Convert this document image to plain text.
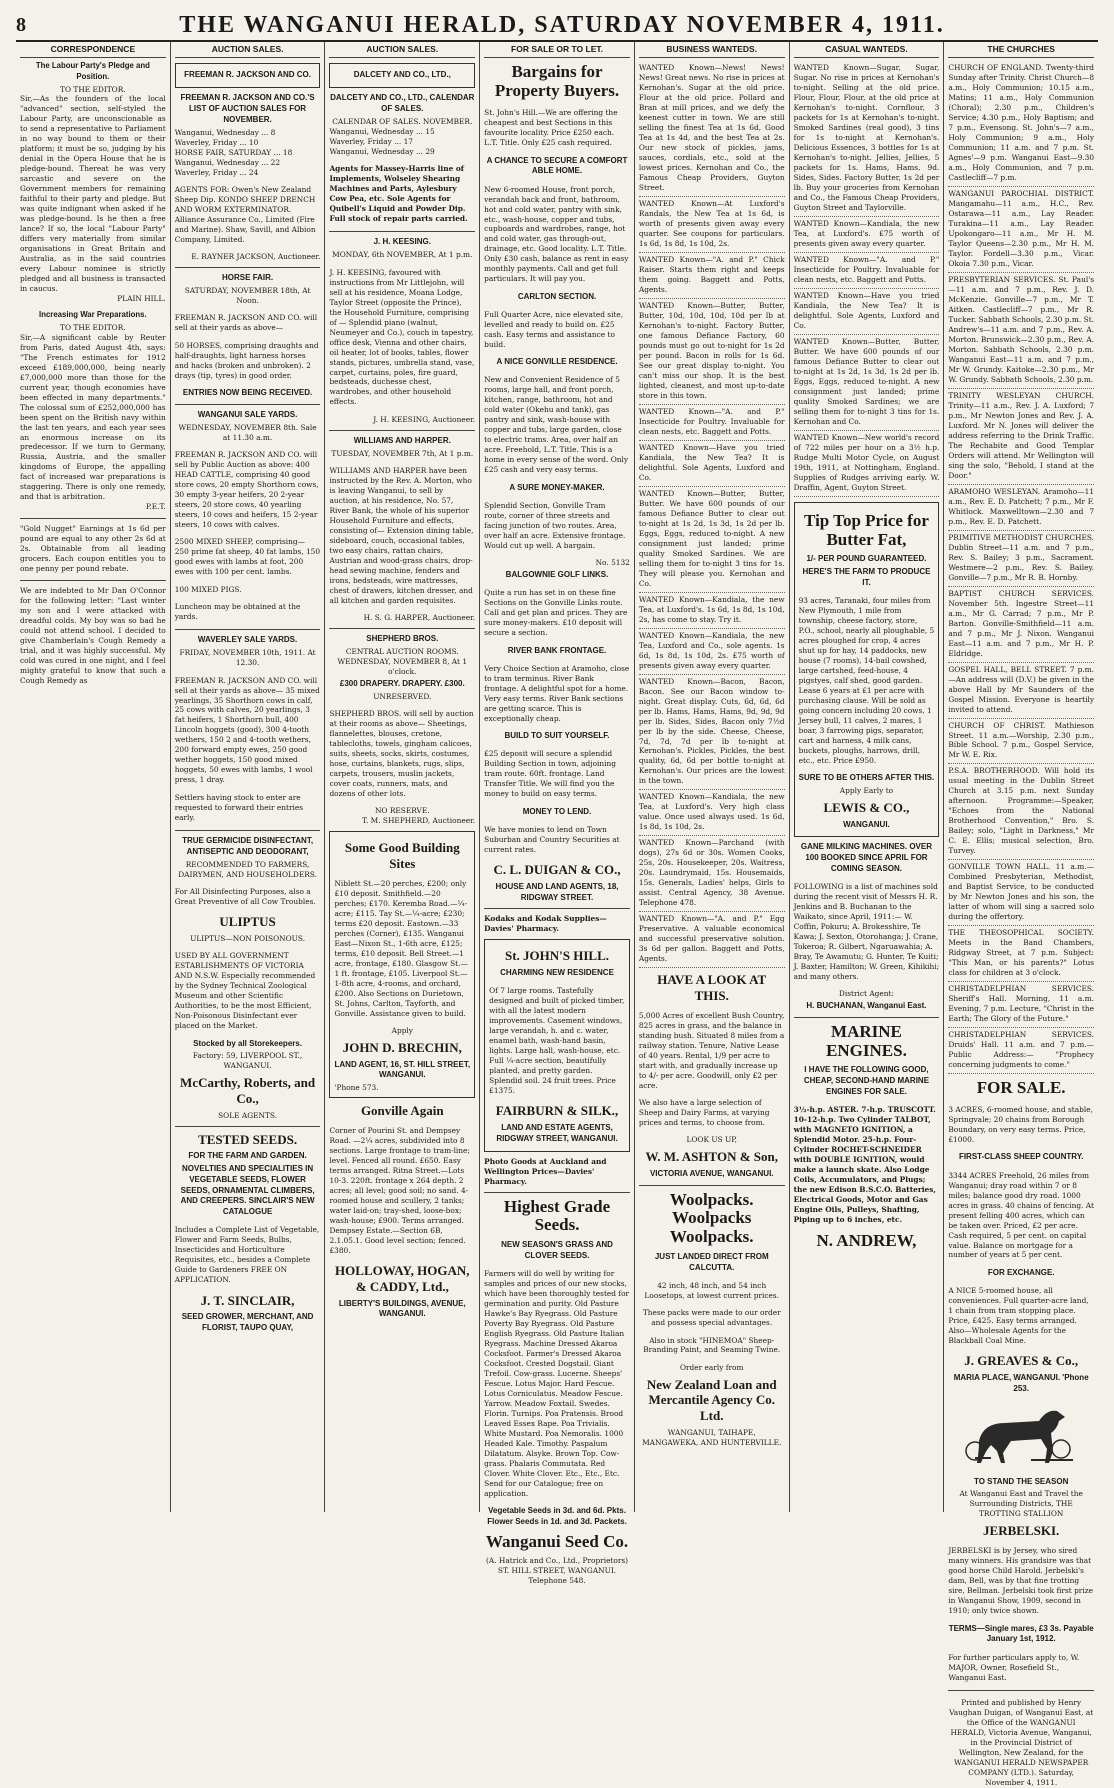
8	THE WANGANUI HERALD, SATURDAY NOVEMBER 4, 1911.
CORRESPONDENCE
The Labour Party's Pledge and Position.
TO THE EDITOR.

Sir,—As the founders of the local "advanced" section, self-styled the Labour Party, are unconscionable as to send a representative to Parliament in no way bound to them or their platform; it must be so, judging by his denial in the Opera House that he is pledge-bound. Thereat he was very sarcastic and severe on the Government members for remaining faithful to their party and pledge. But was quite indignant when asked if he was pledge-bound. Is he then a free lance? If so, the local "Labour Party" differs very materially from similar organisations in Great Britain and Australia, as in the said countries every Labour nominee is strictly pledged and all business is transacted in caucus.

PLAIN HILL.
Increasing War Preparations.
TO THE EDITOR.

Sir,—A significant cable by Reuter from Paris, dated August 4th, says: "The French estimates for 1912 exceed £189,000,000, being nearly £7,000,000 more than those for the current year, though economies have been effected in many departments." The colossal sum of £252,000,000 has been spent on the British navy within the last ten years, and each year sees an enormous increase on its predecessor. If we turn to Germany, Russia, Austria, and the smaller kingdoms of Europe, the appalling fact of increased war preparations is staggering. There is only one remedy, and that is arbitration.

P.E.T.

"Gold Nugget" Earnings at 1s 6d per pound are equal to any other 2s 6d at 2s. Obtainable from all leading grocers. Each coupon entitles you to one penny per pound rebate.

We are indebted to Mr Dan O'Connor for the following letter: "Last winter my son and I were attacked with dreadful colds. My boy was so bad he could not attend school. I decided to give Chamberlain's Cough Remedy a trial, and it was highly successful. My cold was cured in one night, and I feel mighty grateful to know that such a Cough Remedy as

AUCTION SALES.
FREEMAN R. JACKSON AND CO.
FREEMAN R. JACKSON AND CO.'S LIST OF AUCTION SALES FOR NOVEMBER.
Wanganui, Wednesday ... 8
Waverley, Friday ... 10
HORSE FAIR, SATURDAY ... 18
Wanganui, Wednesday ... 22
Waverley, Friday ... 24

AGENTS FOR: Owen's New Zealand Sheep Dip. KONDO SHEEP DRENCH AND WORM EXTERMINATOR. Alliance Assurance Co., Limited (Fire and Marine). Shaw, Savill, and Albion Company, Limited.

E. RAYNER JACKSON, Auctioneer.
HORSE FAIR.
SATURDAY, NOVEMBER 18th, At Noon.

FREEMAN R. JACKSON AND CO. will sell at their yards as above—

50 HORSES, comprising draughts and half-draughts, light harness horses and hacks (broken and unbroken). 2 drays (tip, tyres) in good order.

ENTRIES NOW BEING RECEIVED.
WANGANUI SALE YARDS.
WEDNESDAY, NOVEMBER 8th. Sale at 11.30 a.m.

FREEMAN R. JACKSON AND CO. will sell by Public Auction as above: 400 HEAD CATTLE, comprising 40 good store cows, 20 empty Shorthorn cows, 30 empty 3-year heifers, 20 2-year steers, 20 store cows, 40 yearling steers, 10 cows and heifers, 15 2-year steers, 10 cows with calves.

2500 MIXED SHEEP, comprising— 250 prime fat sheep, 40 fat lambs, 150 good ewes with lambs at foot, 200 ewes with 100 per cent. lambs.

100 MIXED PIGS.

Luncheon may be obtained at the yards.

WAVERLEY SALE YARDS.
FRIDAY, NOVEMBER 10th, 1911. At 12.30.

FREEMAN R. JACKSON AND CO. will sell at their yards as above— 35 mixed yearlings, 35 Shorthorn cows in calf, 25 cows with calves, 20 yearlings, 3 fat heifers, 1 Shorthorn bull, 400 Lincoln hoggets (good), 300 4-tooth wethers, 150 2 and 4-tooth wethers, 200 forward empty ewes, 250 good wether hoggets, 150 good mixed hoggets, 50 ewes with lambs, 1 wool press, 1 dray.

Settlers having stock to enter are requested to forward their entries early.

TRUE GERMICIDE DISINFECTANT, ANTISEPTIC AND DEODORANT,
RECOMMENDED TO FARMERS, DAIRYMEN, AND HOUSEHOLDERS.

For All Disinfecting Purposes, also a Great Preventive of all Cow Troubles.

ULIPTUS
ULIPTUS—NON POISONOUS.

USED BY ALL GOVERNMENT ESTABLISHMENTS OF VICTORIA AND N.S.W. Especially recommended by the Sydney Technical Zoological Museum and other Scientific Authorities, to be the most Efficient, Non-Poisonous Disinfectant ever placed on the Market.

Stocked by all Storekeepers.
Factory: 59, LIVERPOOL ST., WANGANUI.
McCarthy, Roberts, and Co.,
SOLE AGENTS.
TESTED SEEDS.
FOR THE FARM AND GARDEN.
NOVELTIES AND SPECIALITIES IN VEGETABLE SEEDS, FLOWER SEEDS, ORNAMENTAL CLIMBERS, AND CREEPERS. SINCLAIR'S NEW CATALOGUE

Includes a Complete List of Vegetable, Flower and Farm Seeds, Bulbs, Insecticides and Horticulture Requisites, etc., besides a Complete Guide to Gardeners FREE ON APPLICATION.

J. T. SINCLAIR,
SEED GROWER, MERCHANT, AND FLORIST, TAUPO QUAY,
AUCTION SALES.
DALCETY AND CO., LTD.,
DALCETY AND CO., LTD., CALENDAR OF SALES.
CALENDAR OF SALES. NOVEMBER.
Wanganui, Wednesday ... 15
Waverley, Friday ... 17
Wanganui, Wednesday ... 29

Agents for Massey-Harris line of Implements, Wolseley Shearing Machines and Parts, Aylesbury Cow Pea, etc. Sole Agents for Quibell's Liquid and Powder Dip. Full stock of repair parts carried.

J. H. KEESING.
MONDAY, 6th NOVEMBER, At 1 p.m.

J. H. KEESING, favoured with instructions from Mr Littlejohn, will sell at his residence, Moana Lodge, Taylor Street (opposite the Prince), the Household Furniture, comprising of — Splendid piano (walnut, Neumeyer and Co.), couch in tapestry, office desk, Vienna and other chairs, oil heater, lot of books, tables, flower stands, pictures, umbrella stand, vase, carpet, curtains, poles, fire guard, bedsteads, duchesse chest, wardrobes, and other household effects.

J. H. KEESING, Auctioneer.
WILLIAMS AND HARPER.
TUESDAY, NOVEMBER 7th, At 1 p.m.

WILLIAMS AND HARPER have been instructed by the Rev. A. Morton, who is leaving Wanganui, to sell by auction, at his residence, No. 57, River Bank, the whole of his superior Household Furniture and effects, consisting of— Extension dining table, sideboard, couch, occasional tables, two easy chairs, rattan chairs, Austrian and wood-grass chairs, drop-head sewing machine, fenders and irons, bedsteads, wire mattresses, chest of drawers, kitchen dresser, and all kitchen and garden requisites.

H. S. G. HARPER, Auctioneer.
SHEPHERD BROS.
CENTRAL AUCTION ROOMS.
WEDNESDAY, NOVEMBER 8, At 1 o'clock.
£300 DRAPERY. DRAPERY. £300.
UNRESERVED.

SHEPHERD BROS. will sell by auction at their rooms as above— Sheetings, flannelettes, blouses, cretone, tablecloths, towels, gingham calicoes, suits, sheets, socks, skirts, costumes, hose, curtains, blankets, rugs, slips, carpets, trousers, muslin jackets, cover coats, runners, mats, and dozens of other lots.

NO RESERVE.
T. M. SHEPHERD, Auctioneer.
Some Good Building Sites

Niblett St.—20 perches, £200; only £10 deposit. Smithfield.—20 perches; £170. Keremba Road.—¼-acre; £115. Tay St.—¼-acre; £230; terms £20 deposit. Eastown.—33 perches (Corner), £135. Wanganui East—Nixon St., 1-6th acre, £125; terms, £10 deposit. Bell Street.—1 acre, frontage, £180. Glasgow St.—1 ft. frontage, £105. Liverpool St.—1-8th acre, 4-rooms, and orchard, £200. Also Sections on Durietown, St. Johns, Carlton, Tayforth, and Gonville. Assistance given to build.

Apply
JOHN D. BRECHIN,
LAND AGENT, 16, ST. HILL STREET, WANGANUI.
'Phone 573.
Gonville Again

Corner of Pourini St. and Dempsey Road. —2¼ acres, subdivided into 8 sections. Large frontage to tram-line; level. Fenced all round. £650. Easy terms arranged. Ritna Street.—Lots 10-3. 220ft. frontage x 264 depth. 2 acres; all level; good soil; no sand. 4-roomed house and scullery, 2 tanks; water laid-on; tray-shed, loose-box; wash-house; £900. Terms arranged. Dempsey Estate.—Section 6B, 2.1.05.1. Good level section; fenced. £380.

HOLLOWAY, HOGAN, & CADDY, Ltd.,
LIBERTY'S BUILDINGS, AVENUE, WANGANUI.
FOR SALE OR TO LET.
Bargains for Property Buyers.

St. John's Hill.—We are offering the cheapest and best Sections in this favourite locality. Price £250 each. L.T. Title. Only £25 cash required.

A CHANCE TO SECURE A COMFORT ABLE HOME.

New 6-roomed House, front porch, verandah back and front, bathroom, hot and cold water, pantry with sink, etc., wash-house, copper and tubs, cupboards and wardrobes, range, hot and cold water, gas through-out, drainage, etc. Good locality. L.T. Title. Only £30 cash, balance as rent in easy monthly payments. Call and get full particulars. It will pay you.

CARLTON SECTION.

Full Quarter Acre, nice elevated site, levelled and ready to build on. £25 cash. Easy terms and assistance to build.

A NICE GONVILLE RESIDENCE.

New and Convenient Residence of 5 rooms, large hall, and front porch, kitchen, range, bathroom, hot and cold water (Okehu and tank), gas pantry and sink, wash-house with copper and tubs, large garden, close to electric trams. Area, over half an acre. Freehold, L.T. Title. This is a home in every sense of the word. Only £25 cash and very easy terms.

A SURE MONEY-MAKER.

Splendid Section, Gonville Tram route, corner of three streets and facing junction of two routes. Area, over half an acre. Extensive frontage. Would cut up well. A bargain.

No. 5132
BALGOWNIE GOLF LINKS.

Quite a run has set in on these fine Sections on the Gonville Links route. Call and get plan and prices. They are sure money-makers. £10 deposit will secure a section.

RIVER BANK FRONTAGE.

Very Choice Section at Aramoho, close to tram terminus. River Bank frontage. A delightful spot for a home. Very easy terms. River Bank sections are getting scarce. This is exceptionally cheap.

BUILD TO SUIT YOURSELF.

£25 deposit will secure a splendid Building Section in town, adjoining tram route. 60ft. frontage. Land Transfer Title. We will find you the money to build on easy terms.

MONEY TO LEND.

We have monies to lend on Town Suburban and Country Securities at current rates.

C. L. DUIGAN & CO.,
HOUSE AND LAND AGENTS, 18, RIDGWAY STREET.
Kodaks and Kodak Supplies—Davies' Pharmacy.
St. JOHN'S HILL.
CHARMING NEW RESIDENCE

Of 7 large rooms. Tastefully designed and built of picked timber, with all the latest modern improvements. Casement windows, large verandah, h. and c. water, enamel bath, wash-hand basin, lights. Large hall, wash-house, etc. Full ¼-acre section, beautifully planted, and pretty garden. Splendid soil. 24 fruit trees. Price £1375.

FAIRBURN & SILK.,
LAND AND ESTATE AGENTS, RIDGWAY STREET, WANGANUI.
Photo Goods at Auckland and Wellington Prices—Davies' Pharmacy.
Highest Grade Seeds.
NEW SEASON'S GRASS AND CLOVER SEEDS.

Farmers will do well by writing for samples and prices of our new stocks, which have been thoroughly tested for germination and purity. Old Pasture Hawke's Bay Ryegrass. Old Pasture Poverty Bay Ryegrass. Old Pasture English Ryegrass. Old Pasture Italian Ryegrass. Machine Dressed Akaroa Cocksfoot. Farmer's Dressed Akaroa Cocksfoot. Crested Dogstail. Giant Trefoil. Cow-grass. Lucerne. Sheeps' Fescue. Lotus Major. Hard Fescue. Lotus Corniculatus. Meadow Fescue. Yarrow. Meadow Foxtail. Swedes. Florin. Turnips. Poa Pratensis. Brood Leaved Essex Rape. Poa Trivialis. White Mustard. Poa Nemoralis. 1000 Headed Kale. Timothy. Paspalum Dilatatum. Alsyke. Brown Top. Cow-grass. Phalaris Commutata. Red Clover. White Clover. Etc., Etc., Etc. Send for our Catalogue; free on application.

Vegetable Seeds in 3d. and 6d. Pkts. Flower Seeds in 1d. and 3d. Packets.
Wanganui Seed Co.
(A. Hatrick and Co., Ltd., Proprietors) ST. HILL STREET, WANGANUI. Telephone 548.
BUSINESS WANTEDS.
WANTED Known—News! News! News! Great news. No rise in prices at Kernohan's. Sugar at the old price. Flour at the old price. Pollard and Bran at mill prices, and we defy the keenest cutter in town. We are still selling the finest Tea at 1s 6d, Good Tea at 1s 4d, and the best Tea at 2s. Our new stock of pickles, jams, sauces, cordials, etc., sold at the lowest prices. Kernohan and Co., the Famous Cheap Providers, Guyton Street.
WANTED Known—At Luxford's Randals, the New Tea at 1s 6d, is worth of presents given away every quarter. See coupons for particulars. 1s 6d, 1s 8d, 1s 10d, 2s.
WANTED Known—"A. and P." Chick Raiser. Starts them right and keeps them going. Baggett and Potts, Agents.
WANTED Known—Butter, Butter, Butter, 10d, 10d, 10d, 10d per lb at Kernohan's to-night. Factory Butter, one famous Defiance Factory, 60 pounds must go out to-night for 1s 2d per pound. Bacon in rolls for 1s 6d. See our great display to-night. You can't miss our shop. It is the best lighted, cleanest, and most up-to-date store in this town.
WANTED Known—"A. and P." Insecticide for Poultry. Invaluable for clean nests, etc. Baggett and Potts.
WANTED Known—Have you tried Kandiala, the New Tea? It is delightful. Sole Agents, Luxford and Co.
WANTED Known—Butter, Butter, Butter. We have 600 pounds of our famous Defiance Butter to clear out to-night at 1s 2d, 1s 3d, 1s 2d per lb. Eggs, Eggs, reduced to-night. A new consignment just landed; prime quality Smoked Sardines. We are selling them for to-night 3 tins for 1s. They will please you. Kernohan and Co.
WANTED Known—Kandiala, the new Tea, at Luxford's. 1s 6d, 1s 8d, 1s 10d, 2s, has come to stay. Try it.
WANTED Known—Kandiala, the new Tea, Luxford and Co., sole agents. 1s 6d, 1s 8d, 1s 10d, 2s. £75 worth of presents given away every quarter.
WANTED Known—Bacon, Bacon, Bacon. See our Bacon window to-night. Great display. Cuts, 6d, 6d, 6d per lb. Hams, Hams, Hams, 9d, 9d, 9d per lb. Sides, Sides, Bacon only 7½d per lb by the side. Cheese, Cheese, 7d, 7d, 7d per lb to-night at Kernohan's. Pickles, Pickles, the best quality, 6d, 6d per bottle to-night at Kernohan's. Our prices are the lowest in the town.
WANTED Known—Kandiala, the new Tea, at Luxford's. Very high class value. Once used always used. 1s 6d, 1s 8d, 1s 10d, 2s.
WANTED Known—Parchand (with dogs), 27s 6d or 30s. Women Cooks, 25s, 20s. Housekeeper, 20s. Waitress, 20s. Laundrymaid, 15s. Housemaids, 15s. Generals, Ladies' helps, Girls to assist. Central Agency, 38 Avenue. Telephone 478.
WANTED Known—"A. and P." Egg Preservative. A valuable economical and successful preservative solution. 3s 6d per gallon. Baggett and Potts, Agents.
HAVE A LOOK AT THIS.

5,000 Acres of excellent Bush Country, 825 acres in grass, and the balance in standing bush. Situated 8 miles from a railway station. Tenure, Native Lease of 40 years. Rental, 1/9 per acre to start with, and gradually increase up to 4/- per acre. Goodwill, only £2 per acre.

We also have a large selection of Sheep and Dairy Farms, at varying prices and terms, to choose from.

LOOK US UP,
W. M. ASHTON & Son,
VICTORIA AVENUE, WANGANUI.
Woolpacks. Woolpacks Woolpacks.
JUST LANDED DIRECT FROM CALCUTTA.

42 inch, 48 inch, and 54 inch Loosetops, at lowest current prices.

These packs were made to our order and possess special advantages.

Also in stock "HINEMOA" Sheep-Branding Paint, and Seaming Twine.

Order early from
New Zealand Loan and Mercantile Agency Co. Ltd.
WANGANUI, TAIHAPE, MANGAWEKA, AND HUNTERVILLE.
CASUAL WANTEDS.
WANTED Known—Sugar, Sugar, Sugar. No rise in prices at Kernohan's to-night. Selling at the old price. Flour, Flour, Flour, at the old price at Kernohan's to-night. Cornflour, 3 packets for 1s at Kernohan's to-night. Smoked Sardines (real good), 3 tins for 1s to-night at Kernohan's. Delicious Essences, 3 bottles for 1s at Kernohan's to-night. Jellies, Jellies, 5 packets for 1s. Hams, Hams, 9d. Sides, Sides. Factory Butter, 1s 2d per lb. Buy your groceries from Kernohan and Co., the Famous Cheap Providers, Guyton Street and Taylorville.
WANTED Known—Kandiala, the new Tea, at Luxford's. £75 worth of presents given away every quarter.
WANTED Known—"A. and P." Insecticide for Poultry. Invaluable for clean nests, etc. Baggett and Potts.
WANTED Known—Have you tried Kandiala, the New Tea? It is delightful. Sole Agents, Luxford and Co.
WANTED Known—Butter, Butter, Butter. We have 600 pounds of our famous Defiance Butter to clear out to-night at 1s 2d, 1s 3d, 1s 2d per lb. Eggs, Eggs, reduced to-night. A new consignment just landed; prime quality Smoked Sardines; we are selling them for to-night 3 tins for 1s. Kernohan and Co.
WANTED Known—New world's record of 722 miles per hour on a 3½ h.p. Rudge Multi Motor Cycle, on August 19th, 1911, at Nottingham, England. Supplies of Rudges arriving early. W. Draffin, Agent, Guyton Street.
Tip Top Price for Butter Fat,
1/- PER POUND GUARANTEED.
HERE'S THE FARM TO PRODUCE IT.

93 acres, Taranaki, four miles from New Plymouth, 1 mile from township, cheese factory, store, P.O., school, nearly all ploughable, 5 acres ploughed for crop, 4 acres shut up for hay, 14 paddocks, new house (7 rooms), 14-bail cowshed, large cartshed, feed-house, 4 pigstyes, calf shed, good garden. Lease 6 years at £1 per acre with purchasing clause. Will be sold as going concern including 20 cows, 1 Jersey bull, 11 calves, 2 mares, 1 boar, 3 farrowing pigs, separator, cart and harness, 4 milk cans, buckets, ploughs, harrows, drill, etc., etc. Price £950.

SURE TO BE OTHERS AFTER THIS.
Apply Early to
LEWIS & CO.,
WANGANUI.
GANE MILKING MACHINES. OVER 100 BOOKED SINCE APRIL FOR COMING SEASON.

FOLLOWING is a list of machines sold during the recent visit of Messrs H. R. Jenkins and B. Buchanan to the Waikato, since April, 1911:— W. Coffin, Pokuru; A. Brokesshire, Te Kawa; J. Sexton, Otorohanga; J. Crane, Tokeroa; R. Gilbert, Ngaruawahia; A. Bray, Te Awamutu; G. Hunter, Te Kuiti; J. Baxter, Hamilton; W. Green, Kihikihi; and many others.

District Agent:
H. BUCHANAN, Wanganui East.
MARINE ENGINES.
I HAVE THE FOLLOWING GOOD, CHEAP, SECOND-HAND MARINE ENGINES FOR SALE.

3½-h.p. ASTER. 7-h.p. TRUSCOTT. 10-12-h.p. Two Cylinder TALBOT, with MAGNETO IGNITION, a Splendid Motor. 25-h.p. Four-Cylinder ROCHET-SCHNEIDER with DOUBLE IGNITION, would make a launch skate. Also Lodge Coils, Accumulators, and Plugs; the new Edison B.S.C.O. Batteries, Electrical Goods, Motor and Gas Engine Oils, Pulleys, Shafting, Piping up to 6 inches, etc.

N. ANDREW,
THE CHURCHES
CHURCH OF ENGLAND. Twenty-third Sunday after Trinity. Christ Church—8 a.m., Holy Communion; 10.15 a.m., Matins; 11 a.m., Holy Communion (Choral); 2.30 p.m., Children's Service; 4.30 p.m., Holy Baptism; and 7 p.m., Evensong. St. John's—7 a.m., Holy Communion; 9 a.m., Holy Communion; 11 a.m. and 7 p.m. St. Agnes'—9 p.m. Wanganui East—9.30 a.m., Holy Communion, and 7 p.m. Castlecliff—7 p.m.
WANGANUI PAROCHIAL DISTRICT. Mangamahu—11 a.m., H.C., Rev. Ostarawa—11 a.m., Lay Reader. Turakina—11 a.m., Lay Reader. Upokongaro—11 a.m., Mr H. M. Taylor Queens—2.30 p.m., Mr H. M. Taylor. Fordell—3.30 p.m., Vicar. Okoia 7.30 p.m., Vicar.
PRESBYTERIAN SERVICES. St. Paul's—11 a.m. and 7 p.m., Rev. J. D. McKenzie. Gonville—7 p.m., Mr T. Aitken. Castlecliff—7 p.m., Mr R. Tucker. Sabbath Schools, 2.30 p.m. St. Andrew's—11 a.m. and 7 p.m., Rev. A. Morton. Brunswick—2.30 p.m., Rev. A. Morton. Sabbath Schools, 2.30 p.m. Wanganui East—11 a.m. and 7 p.m., Mr W. Grundy. Kaitoke—2.30 p.m., Mr W. Grundy. Sabbath Schools, 2.30 p.m.
TRINITY WESLEYAN CHURCH. Trinity—11 a.m., Rev. J. A. Luxford; 7 p.m., Mr Newton Jones and Rev. J. A. Luxford. Mr N. Jones will deliver the address referring to the Drink Traffic. The Rechabite and Good Templar Orders will attend. Mr Wellington will sing the solo, "Behold, I stand at the Door."
ARAMOHO WESLEYAN. Aramoho—11 a.m., Rev. E. D. Patchett; 7 p.m., Mr F. Whitlock. Maxwelltown—2.30 and 7 p.m., Rev. E. D. Patchett.
PRIMITIVE METHODIST CHURCHES. Dublin Street—11 a.m. and 7 p.m., Rev. S. Bailey; 3 p.m., Sacrament. Westmere—2 p.m., Rev. S. Bailey. Gonville—7 p.m., Mr R. B. Hornby.
BAPTIST CHURCH SERVICES. November 5th. Ingestre Street—11 a.m., Mr G. Carrad; 7 p.m., Mr P. Barton. Gonville-Smithfield—11 a.m. and 7 p.m., Mr J. Nixon. Wanganui East—11 a.m. and 7 p.m., Mr H. P. Eldridge.
GOSPEL HALL, BELL STREET. 7 p.m.—An address will (D.V.) be given in the above Hall by Mr Saunders of the Gospel Mission. Everyone is heartily invited to attend.
CHURCH OF CHRIST. Mathieson Street. 11 a.m.—Worship, 2.30 p.m., Bible School. 7 p.m., Gospel Service, Mr W. E. Rix.
P.S.A. BROTHERHOOD. Will hold its usual meeting in the Dublin Street Church at 3.15 p.m. next Sunday afternoon. Programme:—Speaker, "Echoes from the National Brotherhood Convention," Bro. S. Bailey; solo, "Light in Darkness," Mr C. E. Ellis; musical selection, Bro. Turvey.
GONVILLE TOWN HALL. 11 a.m.—Combined Presbyterian, Methodist, and Baptist Service, to be conducted by Mr Newton Jones and his son, the latter of whom will sing a sacred solo during the offertory.
THE THEOSOPHICAL SOCIETY. Meets in the Band Chambers, Ridgway Street, at 7 p.m. Subject: "This Man, or his parents?" Lotus class for children at 3 o'clock.
CHRISTADELPHIAN SERVICES. Sheriff's Hall. Morning, 11 a.m. Evening, 7 p.m. Lecture, "Christ in the Earth; The Glory of the Future."
CHRISTADELPHIAN SERVICES. Druids' Hall. 11 a.m. and 7 p.m.—Public Address:— "Prophecy concerning judgments to come."
FOR SALE.

3 ACRES, 6-roomed house, and stable, Springvale; 20 chains from Borough Boundary, on very easy terms. Price, £1000.

FIRST-CLASS SHEEP COUNTRY.

3344 ACRES Freehold, 26 miles from Wanganui; dray road within 7 or 8 miles; balance good dry road. 1000 acres in grass. 40 chains of fencing. At present felling 400 acres, which can be taken over. Priced, £2 per acre. Cash required, 5 per cent. on capital value. Balance on mortgage for a number of years at 5 per cent.

FOR EXCHANGE.

A NICE 5-roomed house, all conveniences. Full quarter-acre land, 1 chain from tram stopping place. Price, £425. Easy terms arranged. Also—Wholesale Agents for the Blackball Coal Mine.

J. GREAVES & Co.,
MARIA PLACE, WANGANUI. 'Phone 253.
TO STAND THE SEASON
At Wanganui East and Travel the Surrounding Districts, THE TROTTING STALLION
JERBELSKI.

JERBELSKI is by Jersey, who sired many winners. His grandsire was that good horse Child Harold. Jerbelski's dam, Bell, was by that fine trotting sire, Bellman. Jerbelski took first prize in Wanganui Show, 1909, second in 1910; only twice shown.

TERMS—Single mares, £3 3s. Payable January 1st, 1912.

For further particulars apply to, W. MAJOR, Owner, Rosefield St., Wanganui East.

Printed and published by Henry Vaughan Duigan, of Wanganui East, at the Office of the WANGANUI HERALD, Victoria Avenue, Wanganui, in the Provincial District of Wellington, New Zealand, for the WANGANUI HERALD NEWSPAPER COMPANY (LTD.). Saturday, November 4, 1911.
